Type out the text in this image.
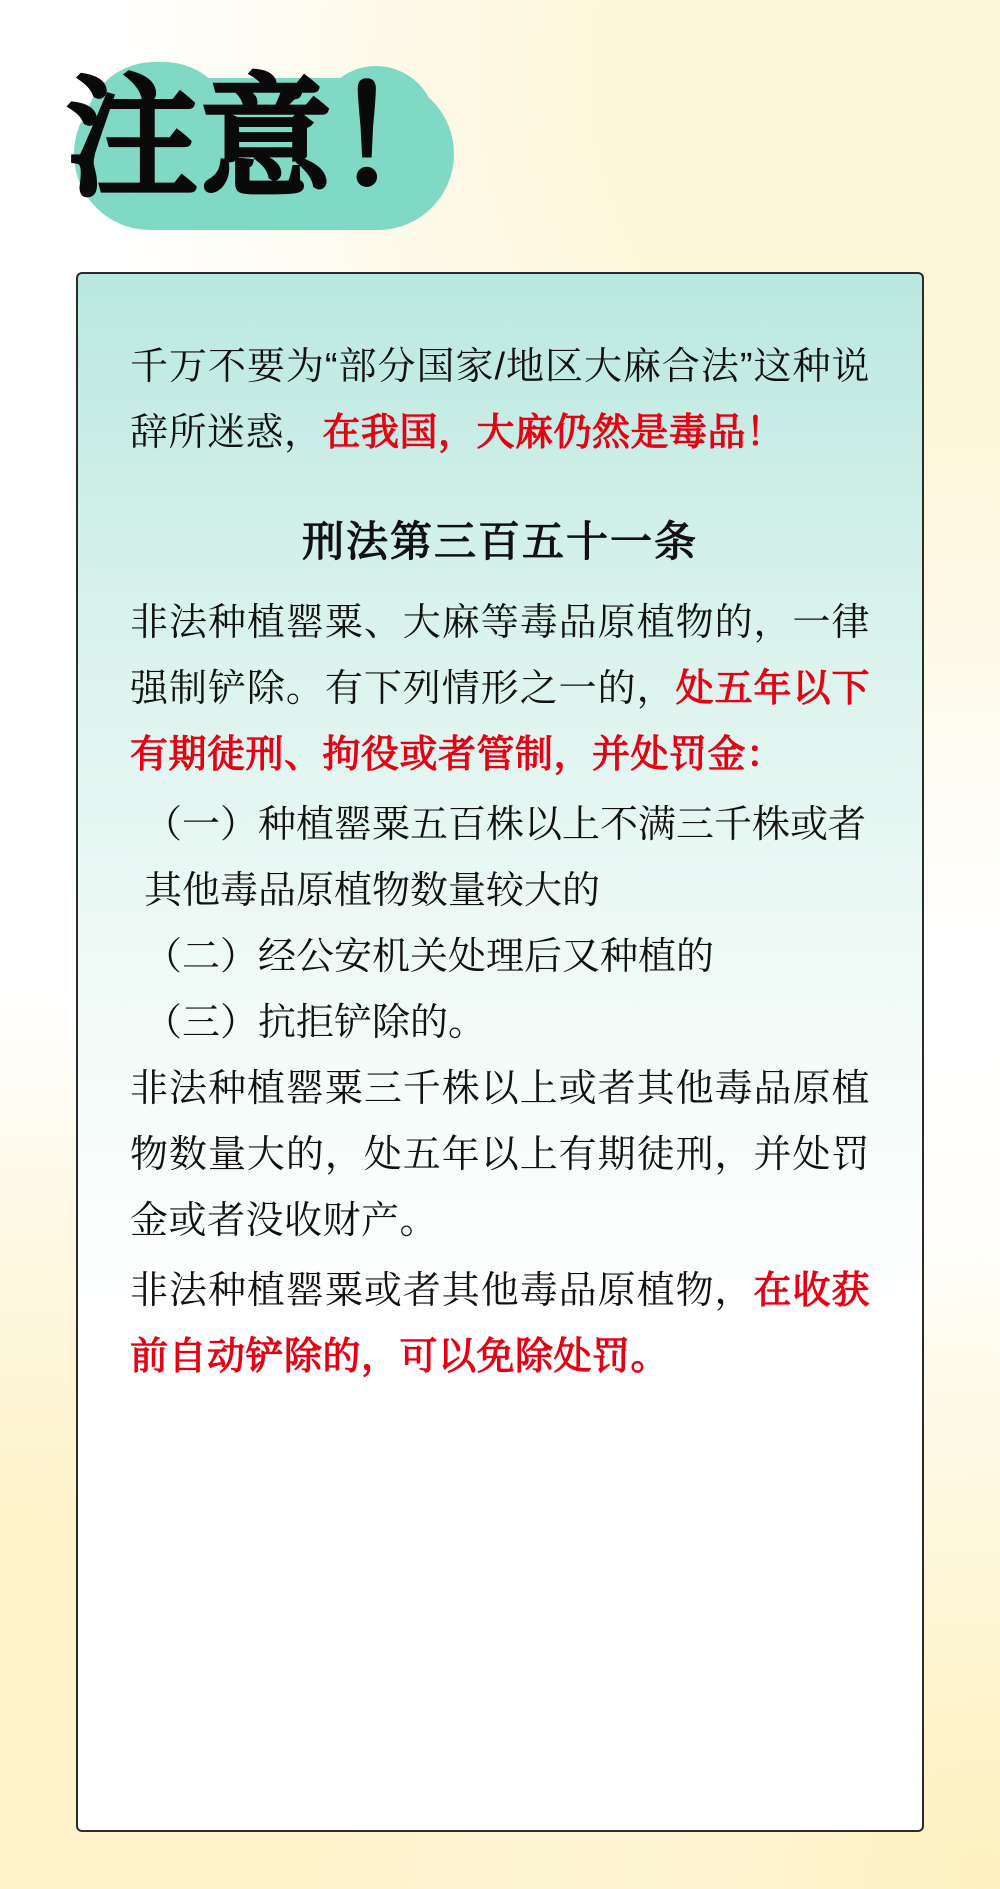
注意！

千万不要为“部分国家/地区大麻合法”这种说辞所迷惑，在我国，大麻仍然是毒品！

刑法第三百五十一条

非法种植罂粟、大麻等毒品原植物的，一律强制铲除。有下列情形之一的，处五年以下有期徒刑、拘役或者管制，并处罚金：

（一）种植罂粟五百株以上不满三千株或者其他毒品原植物数量较大的

（二）经公安机关处理后又种植的

（三）抗拒铲除的。

非法种植罂粟三千株以上或者其他毒品原植物数量大的，处五年以上有期徒刑，并处罚金或者没收财产。

非法种植罂粟或者其他毒品原植物，在收获前自动铲除的，可以免除处罚。
